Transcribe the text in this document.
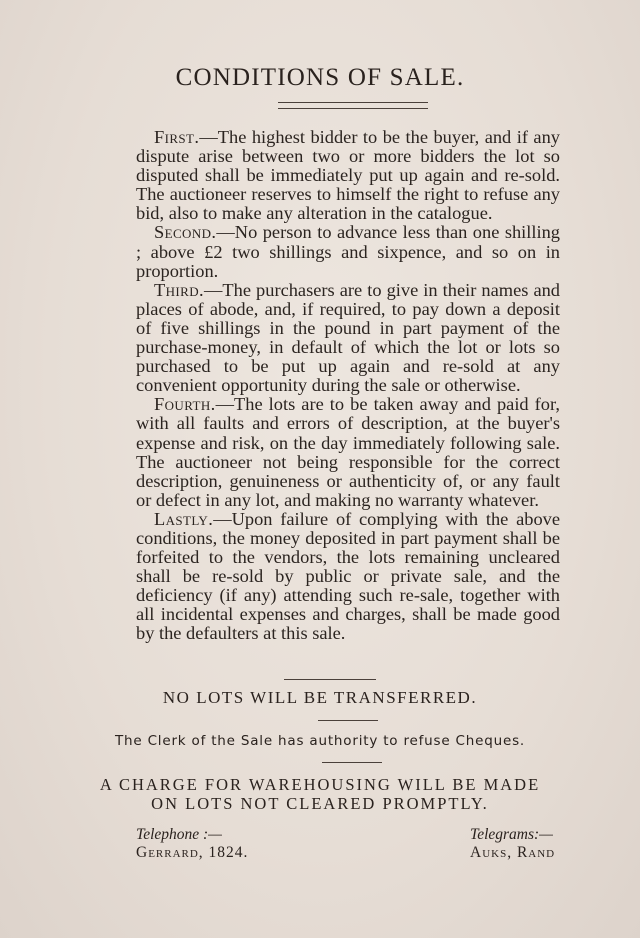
CONDITIONS OF SALE.

First.—The highest bidder to be the buyer, and if any dispute arise between two or more bidders the lot so disputed shall be immediately put up again and re-sold. The auctioneer reserves to himself the right to refuse any bid, also to make any alteration in the catalogue.

Second.—No person to advance less than one shilling ; above £2 two shillings and sixpence, and so on in proportion.

Third.—The purchasers are to give in their names and places of abode, and, if required, to pay down a deposit of five shillings in the pound in part payment of the purchase-money, in default of which the lot or lots so purchased to be put up again and re-sold at any convenient opportunity during the sale or otherwise.

Fourth.—The lots are to be taken away and paid for, with all faults and errors of description, at the buyer's expense and risk, on the day immediately following sale. The auctioneer not being responsible for the correct description, genuineness or authenticity of, or any fault or defect in any lot, and making no warranty whatever.

Lastly.—Upon failure of complying with the above conditions, the money deposited in part payment shall be forfeited to the vendors, the lots remaining uncleared shall be re-sold by public or private sale, and the deficiency (if any) attending such re-sale, together with all incidental expenses and charges, shall be made good by the defaulters at this sale.

NO LOTS WILL BE TRANSFERRED.
The Clerk of the Sale has authority to refuse Cheques.
A CHARGE FOR WAREHOUSING WILL BE MADE
ON LOTS NOT CLEARED PROMPTLY.
Telephone :—
Gerrard, 1824.
Telegrams:—
Auks, Rand
